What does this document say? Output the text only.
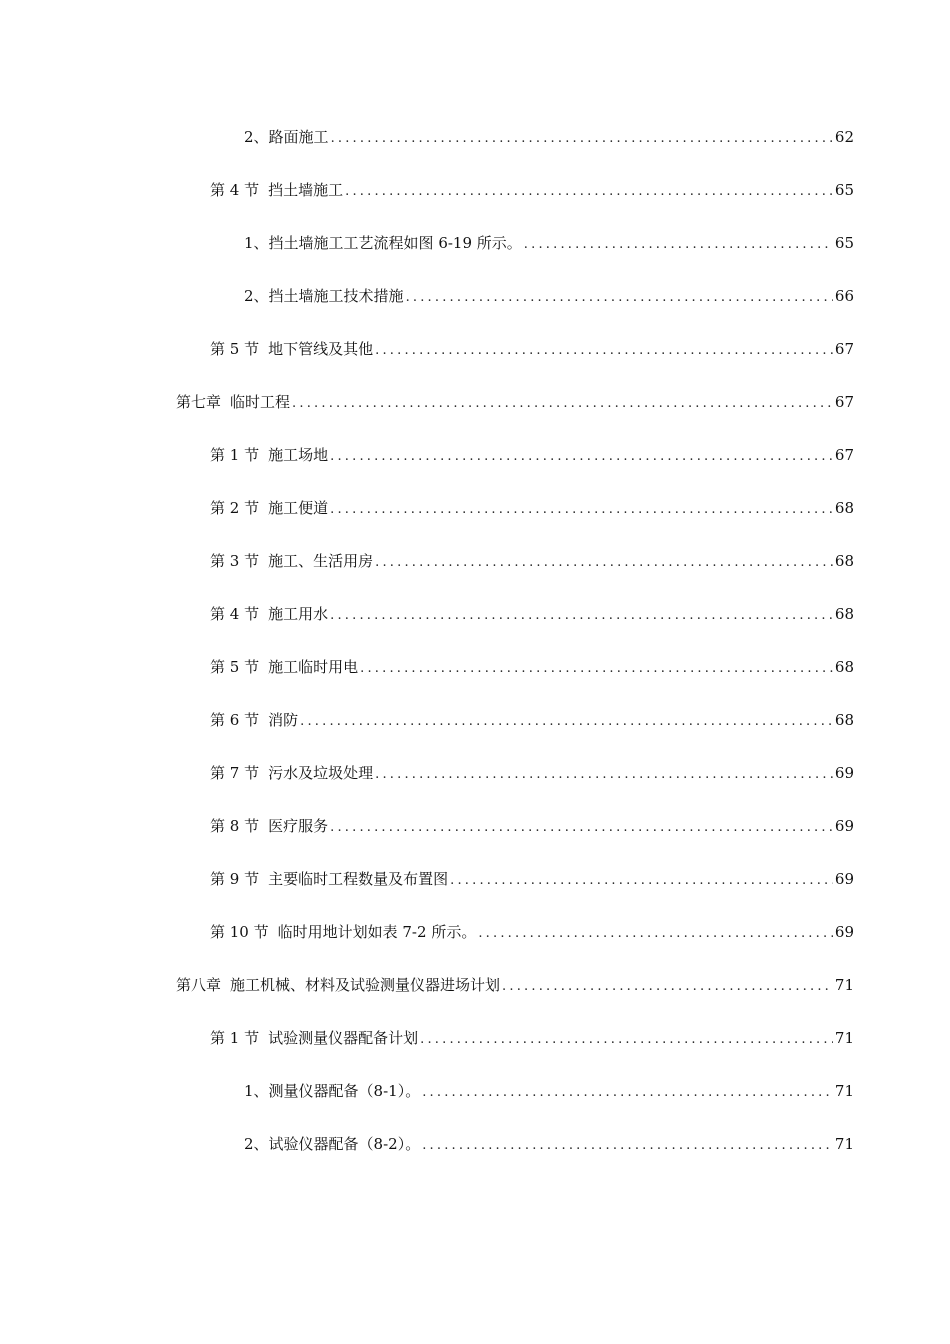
2、 路面施工 .....	62
第 4 节 挡土墙施工 .....	65
1、 挡土墙施工工艺流程如图 6-19 所示。 .....	65
2、 挡土墙施工技术措施 .....	66
第 5 节 地下管线及其他 .....	67
第七章 临时工程 .....	67
第 1 节 施工场地 .....	67
第 2 节 施工便道 .....	68
第 3 节 施工、生活用房 .....	68
第 4 节 施工用水 .....	68
第 5 节 施工临时用电 .....	68
第 6 节 消防 .....	68
第 7 节 污水及垃圾处理 .....	69
第 8 节 医疗服务 .....	69
第 9 节 主要临时工程数量及布置图 .....	69
第 10 节 临时用地计划如表 7-2 所示。 .....	69
第八章 施工机械、材料及试验测量仪器进场计划 .....	71
第 1 节 试验测量仪器配备计划 .....	71
1、 测量仪器配备（8-1）。 .....	71
2、 试验仪器配备（8-2）。 .....	71
